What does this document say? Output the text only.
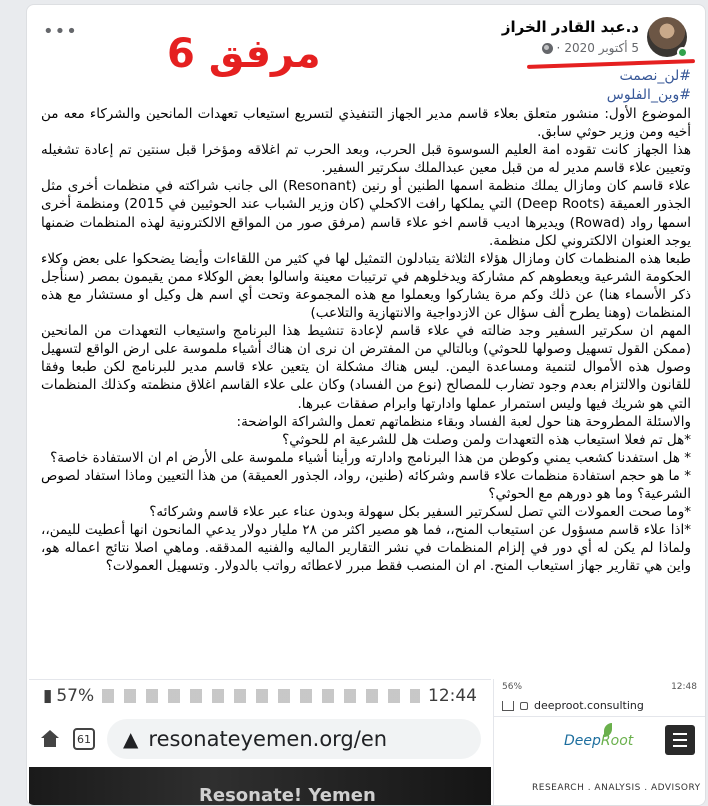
••• مرفق 6
د.عبد القادر الخراز
5 أكتوبر 2020
·
#لن_نصمت
#وين_الفلوس

الموضوع الأول: منشور متعلق بعلاء قاسم مدير الجهاز التنفيذي لتسريع استيعاب تعهدات المانحين والشركاء معه من أخيه ومن وزير حوثي سابق.

هذا الجهاز كانت تقوده امة العليم السوسوة قبل الحرب، وبعد الحرب تم اغلاقه ومؤخرا قبل سنتين تم إعادة تشغيله وتعيين علاء قاسم مدير له من قبل معين عبدالملك سكرتير السفير.

علاء قاسم كان ومازال يملك منظمة اسمها الطنين أو رنين (Resonant) الى جانب شراكته في منظمات أخرى مثل الجذور العميقة (Deep Roots) التي يملكها رافت الاكحلي (كان وزير الشباب عند الحوثيين في 2015) ومنظمة أخرى اسمها رواد (Rowad) ويديرها اديب قاسم اخو علاء قاسم (مرفق صور من المواقع الالكترونية لهذه المنظمات ضمنها يوجد العنوان الالكتروني لكل منظمة.

طبعا هذه المنظمات كان ومازال هؤلاء الثلاثة يتبادلون التمثيل لها في كثير من اللقاءات وأيضا يضحكوا على بعض وكلاء الحكومة الشرعية ويعطوهم كم مشاركة ويدخلوهم في ترتيبات معينة واسالوا بعض الوكلاء ممن يقيمون بمصر (سنأجل ذكر الأسماء هنا) عن ذلك وكم مرة يشاركوا ويعملوا مع هذه المجموعة وتحت أي اسم هل وكيل او مستشار مع هذه المنظمات (وهنا يطرح ألف سؤال عن الازدواجية والانتهازية والتلاعب)

المهم ان سكرتير السفير وجد ضالته في علاء قاسم لإعادة تنشيط هذا البرنامج واستيعاب التعهدات من المانحين (ممكن القول تسهيل وصولها للحوثي) وبالتالي من المفترض ان نرى ان هناك أشياء ملموسة على ارض الواقع لتسهيل وصول هذه الأموال لتنمية ومساعدة اليمن. ليس هناك مشكلة ان يتعين علاء قاسم مدير للبرنامج لكن طبعا وفقا للقانون والالتزام بعدم وجود تضارب للمصالح (نوع من الفساد) وكان على علاء القاسم اغلاق منظمته وكذلك المنظمات التي هو شريك فيها وليس استمرار عملها وادارتها وابرام صفقات عبرها.

والاسئلة المطروحة هنا حول لعبة الفساد وبقاء منظماتهم تعمل والشراكة الواضحة:

*هل تم فعلا استيعاب هذه التعهدات ولمن وصلت هل للشرعية ام للحوثي؟

* هل استفدنا كشعب يمني وكوطن من هذا البرنامج وادارته ورأينا أشياء ملموسة على الأرض ام ان الاستفادة خاصة؟

* ما هو حجم استفادة منظمات علاء قاسم وشركائه (طنين، رواد، الجذور العميقة) من هذا التعيين وماذا استفاد لصوص الشرعية؟ وما هو دورهم مع الحوثي؟

*وما صحت العمولات التي تصل لسكرتير السفير بكل سهولة وبدون عناء عبر علاء قاسم وشركائه؟

*اذا علاء قاسم مسؤول عن استيعاب المنح،، فما هو مصير اكثر من ٢٨ مليار دولار يدعي المانحون انها أعطيت لليمن،، ولماذا لم يكن له أي دور في إلزام المنظمات في نشر التقارير الماليه والفنيه المدققه. وماهي اصلا نتائج اعماله هو، واين هي تقارير جهاز استيعاب المنح. ام ان المنصب فقط مبرر لاعطائه رواتب بالدولار. وتسهيل العمولات؟

▮ 57%	12:44
61 ▲ resonateyemen.org/en
Resonate! Yemen
56%	12:48
deeproot.consulting
DeepRoot
RESEARCH . ANALYSIS . ADVISORY
